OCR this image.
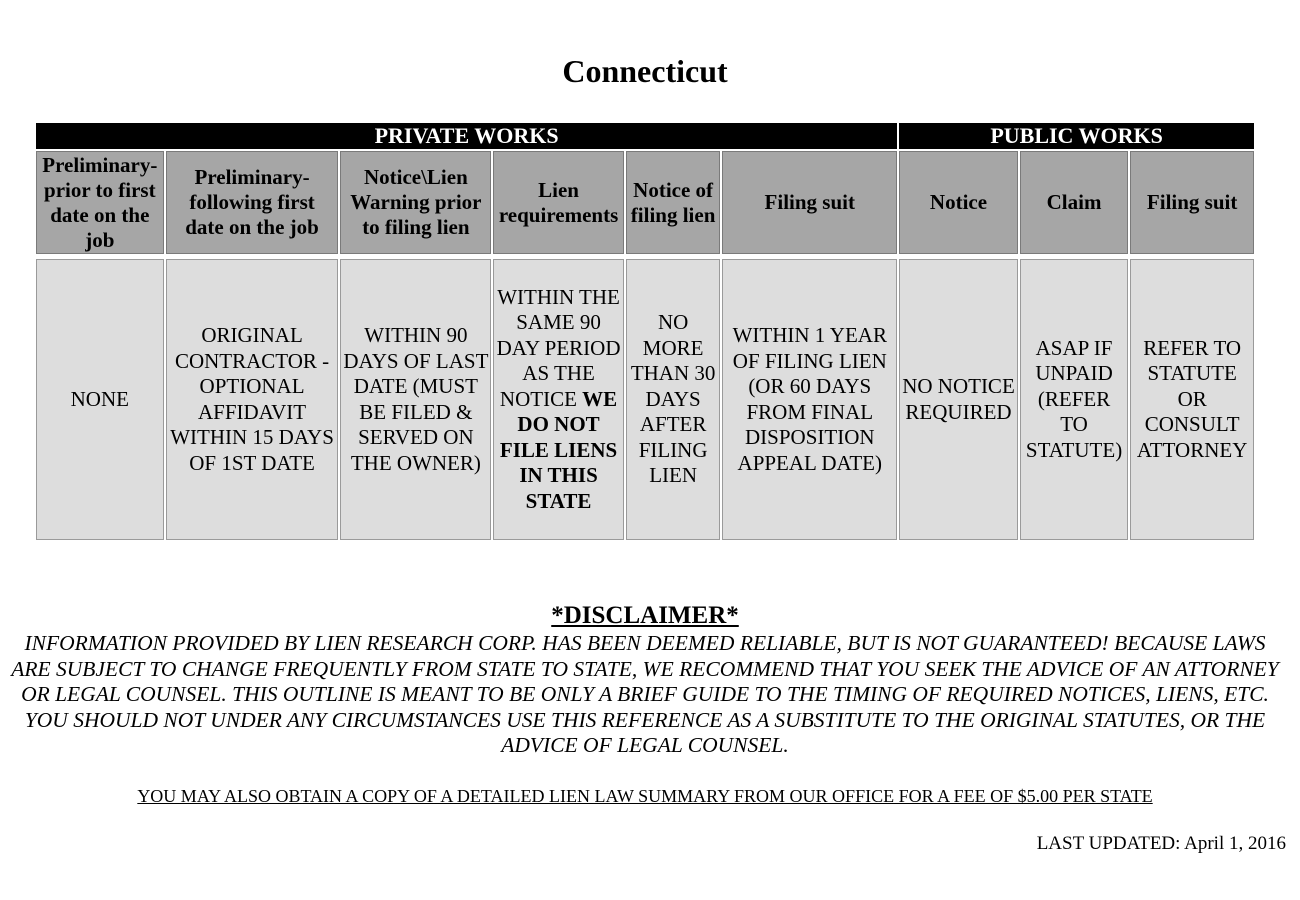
Connecticut
PRIVATE WORKS						PUBLIC WORKS		
Preliminary-prior to first date on the job	Preliminary-following first date on the job	Notice\Lien Warning prior to filing lien	Lien requirements	Notice of filing lien	Filing suit	Notice	Claim	Filing suit

NONE	ORIGINAL CONTRACTOR - OPTIONAL AFFIDAVIT WITHIN 15 DAYS OF 1ST DATE	WITHIN 90 DAYS OF LAST DATE (MUST BE FILED & SERVED ON THE OWNER)	WITHIN THE SAME 90 DAY PERIOD AS THE NOTICE WE DO NOT FILE LIENS IN THIS STATE	NO MORE THAN 30 DAYS AFTER FILING LIEN	WITHIN 1 YEAR OF FILING LIEN (OR 60 DAYS FROM FINAL DISPOSITION APPEAL DATE)	NO NOTICE REQUIRED	ASAP IF UNPAID (REFER TO STATUTE)	REFER TO STATUTE OR CONSULT ATTORNEY
*DISCLAIMER*

INFORMATION PROVIDED BY LIEN RESEARCH CORP. HAS BEEN DEEMED RELIABLE, BUT IS NOT GUARANTEED! BECAUSE LAWS ARE SUBJECT TO CHANGE FREQUENTLY FROM STATE TO STATE, WE RECOMMEND THAT YOU SEEK THE ADVICE OF AN ATTORNEY OR LEGAL COUNSEL. THIS OUTLINE IS MEANT TO BE ONLY A BRIEF GUIDE TO THE TIMING OF REQUIRED NOTICES, LIENS, ETC. YOU SHOULD NOT UNDER ANY CIRCUMSTANCES USE THIS REFERENCE AS A SUBSTITUTE TO THE ORIGINAL STATUTES, OR THE ADVICE OF LEGAL COUNSEL.

YOU MAY ALSO OBTAIN A COPY OF A DETAILED LIEN LAW SUMMARY FROM OUR OFFICE FOR A FEE OF $5.00 PER STATE
LAST UPDATED: April 1, 2016
